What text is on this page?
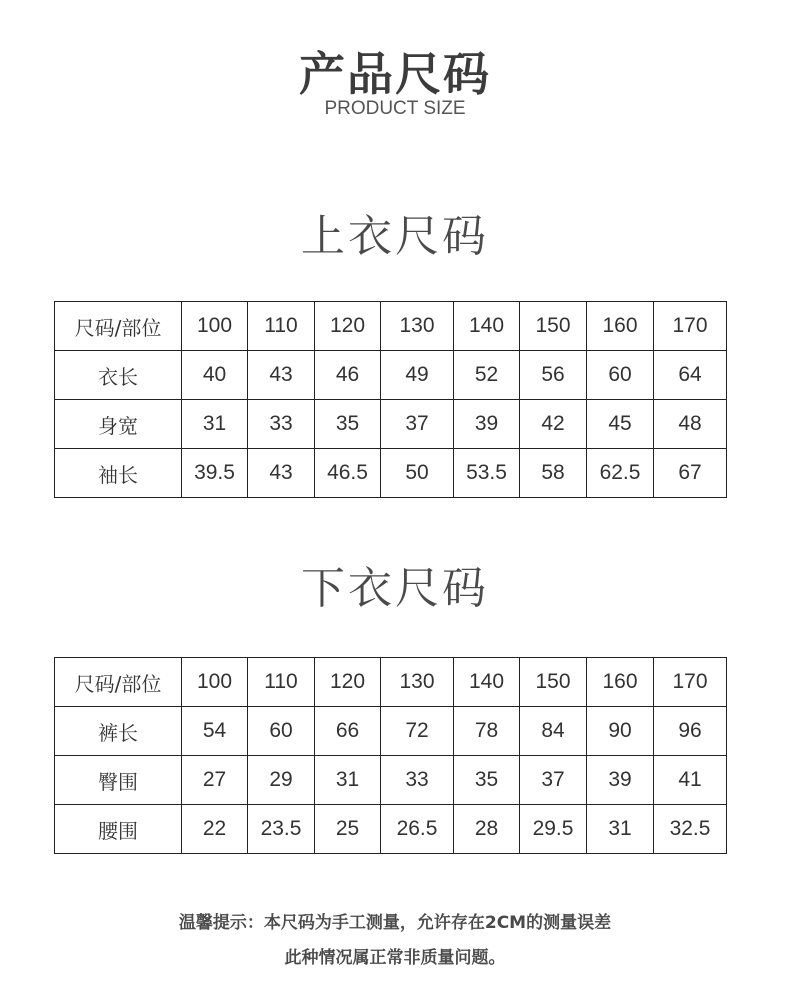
产品尺码
PRODUCT SIZE
上衣尺码
尺码/部位	100	110	120	130	140	150	160	170
衣长	40	43	46	49	52	56	60	64
身宽	31	33	35	37	39	42	45	48
袖长	39.5	43	46.5	50	53.5	58	62.5	67
下衣尺码
尺码/部位	100	110	120	130	140	150	160	170
裤长	54	60	66	72	78	84	90	96
臀围	27	29	31	33	35	37	39	41
腰围	22	23.5	25	26.5	28	29.5	31	32.5
温馨提示：本尺码为手工测量，允许存在2CM的测量误差
此种情况属正常非质量问题。
